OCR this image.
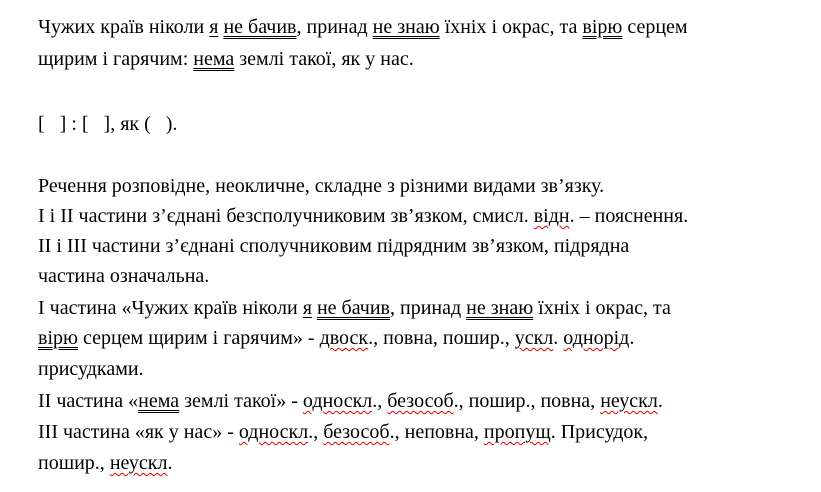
Чужих країв ніколи я не бачив, принад не знаю їхніх і окрас, та вірю серцем
щирим і гарячим: нема землі такої, як у нас.
[   ] : [   ], як (   ).
Речення розповідне, неокличне, складне з різними видами зв’язку.
І і ІІ частини з’єднані безсполучниковим зв’язком, смисл. відн. – пояснення.
ІІ і ІІІ частини з’єднані сполучниковим підрядним зв’язком, підрядна
частина означальна.
І частина «Чужих країв ніколи я не бачив, принад не знаю їхніх і окрас, та
вірю серцем щирим і гарячим» - двоск., повна, пошир., ускл. однорід.
присудками.
ІІ частина «нема землі такої» - односкл., безособ., пошир., повна, неускл.
ІІІ частина «як у нас» - односкл., безособ., неповна, пропущ. Присудок,
пошир., неускл.
